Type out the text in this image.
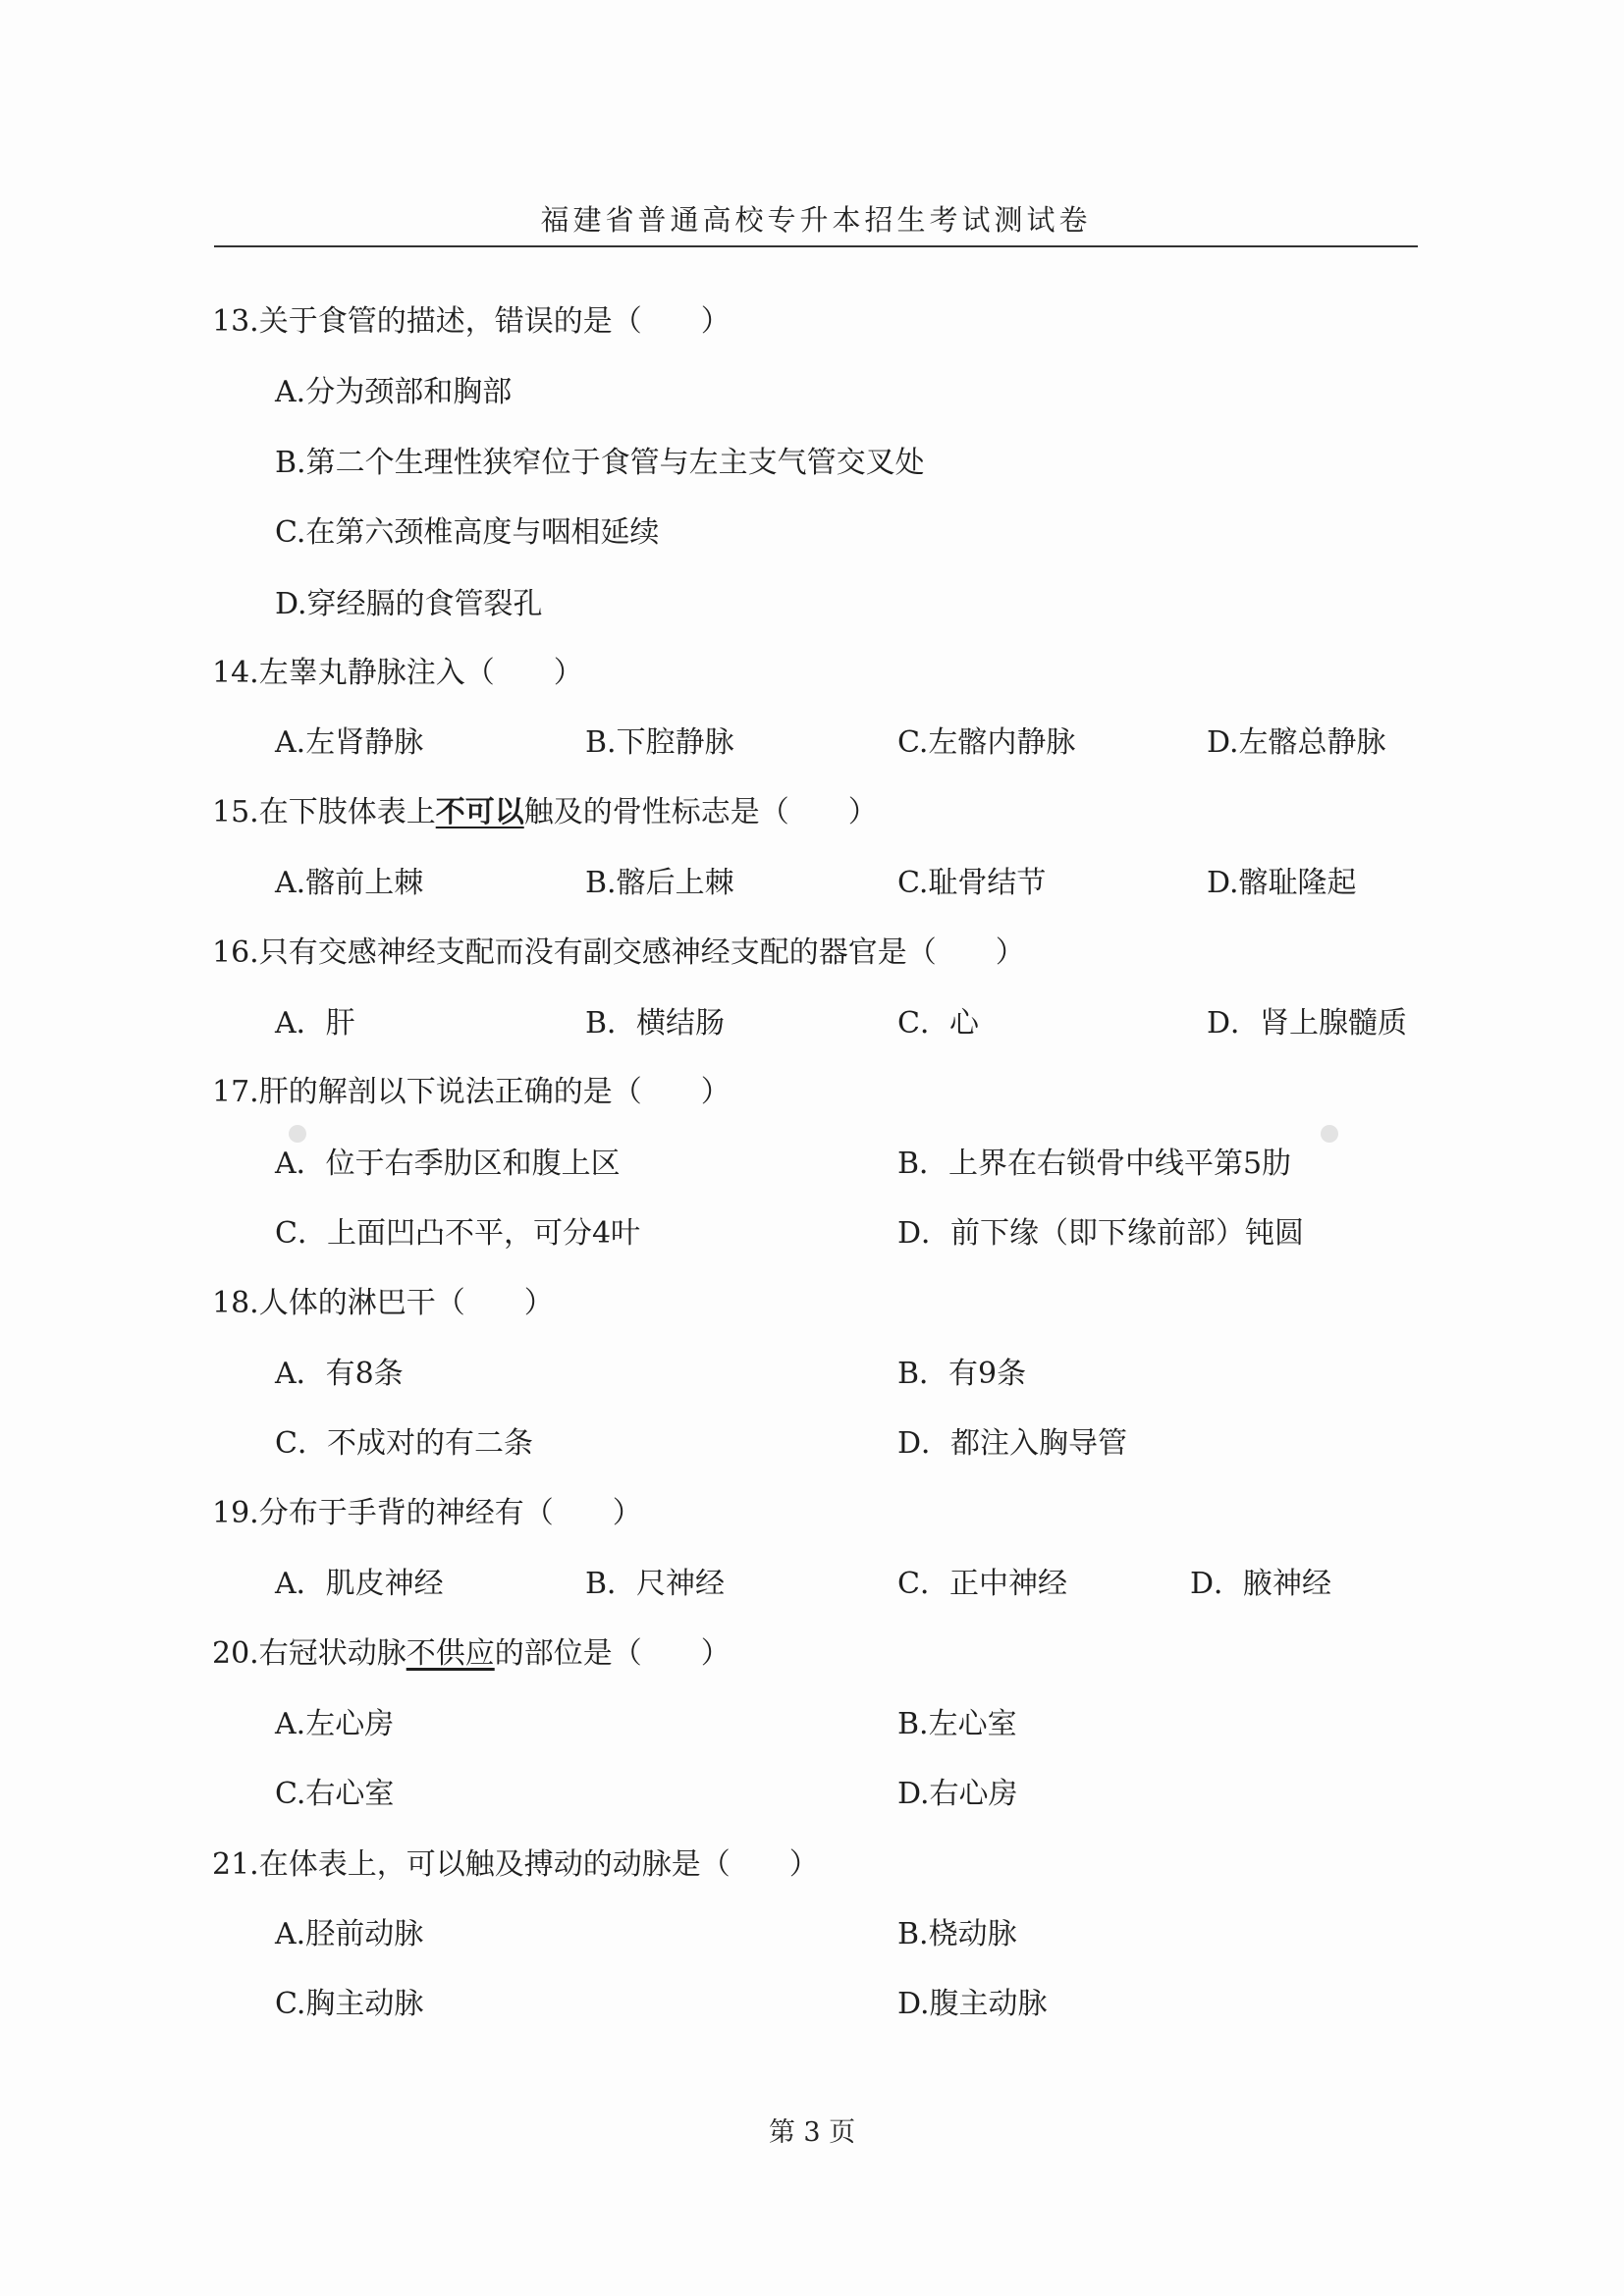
福建省普通高校专升本招生考试测试卷
13.关于食管的描述，错误的是（　　）
A.分为颈部和胸部
B.第二个生理性狭窄位于食管与左主支气管交叉处
C.在第六颈椎高度与咽相延续
D.穿经膈的食管裂孔
14.左睾丸静脉注入（　　）
A.左肾静脉	B.下腔静脉	C.左髂内静脉	D.左髂总静脉
15.在下肢体表上不可以触及的骨性标志是（　　）
A.髂前上棘	B.髂后上棘	C.耻骨结节	D.髂耻隆起
16.只有交感神经支配而没有副交感神经支配的器官是（　　）
A．肝	B．横结肠	C．心	D．肾上腺髓质
17.肝的解剖以下说法正确的是（　　）
A．位于右季肋区和腹上区	B．上界在右锁骨中线平第5肋
C．上面凹凸不平，可分4叶	D．前下缘（即下缘前部）钝圆
18.人体的淋巴干（　　）
A．有8条	B．有9条
C．不成对的有二条	D．都注入胸导管
19.分布于手背的神经有（　　）
A．肌皮神经	B．尺神经	C．正中神经	D．腋神经
20.右冠状动脉不供应的部位是（　　）
A.左心房	B.左心室
C.右心室	D.右心房
21.在体表上，可以触及搏动的动脉是（　　）
A.胫前动脉	B.桡动脉
C.胸主动脉	D.腹主动脉
第 3 页
